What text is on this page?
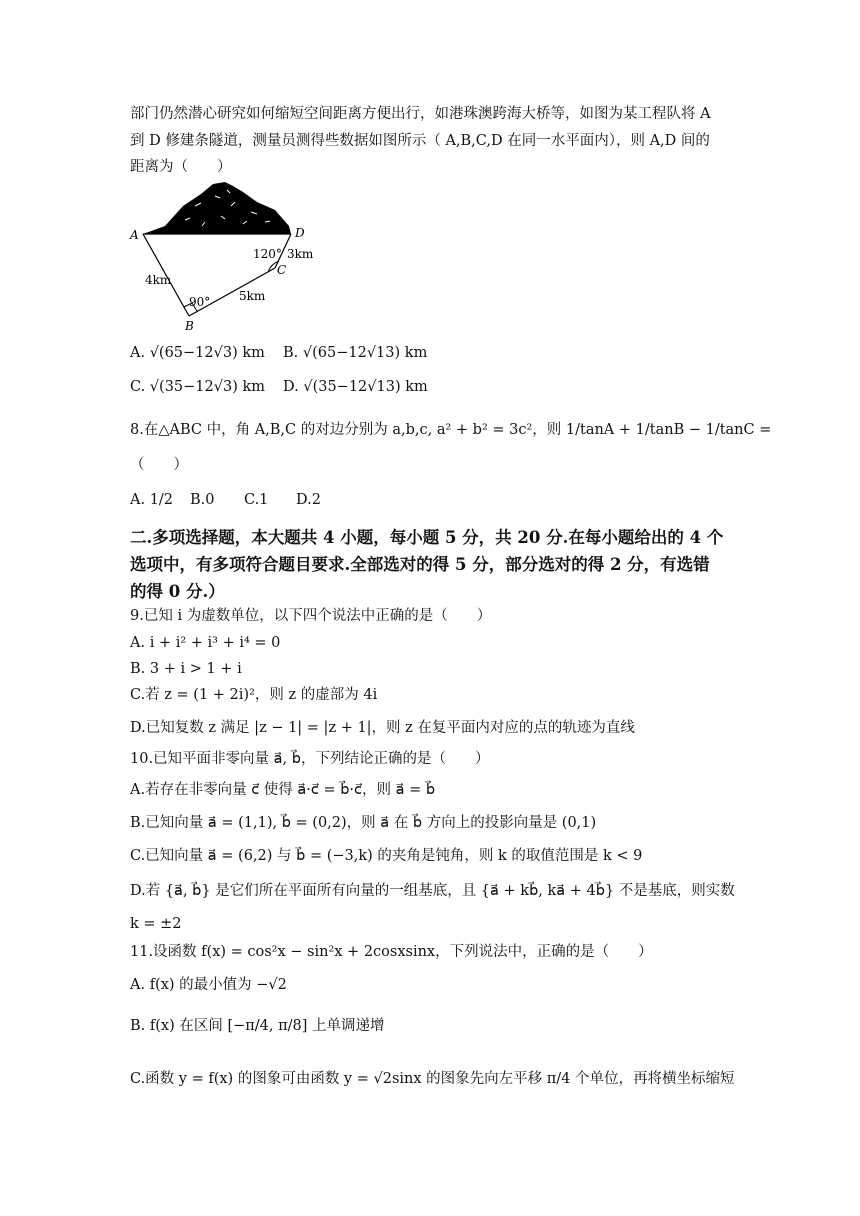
部门仍然潜心研究如何缩短空间距离方便出行，如港珠澳跨海大桥等，如图为某工程队将 A
到 D 修建条隧道，测量员测得些数据如图所示（ A,B,C,D 在同一水平面内），则 A,D 间的
距离为（　　）
A
B
C
D
4km
5km
3km
90°
120°
A. √(65−12√3) km B. √(65−12√13) km
C. √(35−12√3) km D. √(35−12√13) km
8.在△ABC 中，角 A,B,C 的对边分别为 a,b,c, a² + b² = 3c²，则 1/tanA + 1/tanB − 1/tanC =
（　　）
A. 1/2 B.0 C.1 D.2
二.多项选择题，本大题共 4 小题，每小题 5 分，共 20 分.在每小题给出的 4 个
选项中，有多项符合题目要求.全部选对的得 5 分，部分选对的得 2 分，有选错
的得 0 分.）
9.已知 i 为虚数单位，以下四个说法中正确的是（　　）
A. i + i² + i³ + i⁴ = 0
B. 3 + i > 1 + i
C.若 z = (1 + 2i)²，则 z 的虚部为 4i
D.已知复数 z 满足 |z − 1| = |z + 1|，则 z 在复平面内对应的点的轨迹为直线
10.已知平面非零向量 a⃗, b⃗，下列结论正确的是（　　）
A.若存在非零向量 c⃗ 使得 a⃗·c⃗ = b⃗·c⃗，则 a⃗ = b⃗
B.已知向量 a⃗ = (1,1), b⃗ = (0,2)，则 a⃗ 在 b⃗ 方向上的投影向量是 (0,1)
C.已知向量 a⃗ = (6,2) 与 b⃗ = (−3,k) 的夹角是钝角，则 k 的取值范围是 k < 9
D.若 {a⃗, b⃗} 是它们所在平面所有向量的一组基底，且 {a⃗ + kb⃗, ka⃗ + 4b⃗} 不是基底，则实数
k = ±2
11.设函数 f(x) = cos²x − sin²x + 2cosxsinx，下列说法中，正确的是（　　）
A. f(x) 的最小值为 −√2
B. f(x) 在区间 [−π/4, π/8] 上单调递增
C.函数 y = f(x) 的图象可由函数 y = √2sinx 的图象先向左平移 π/4 个单位，再将横坐标缩短
